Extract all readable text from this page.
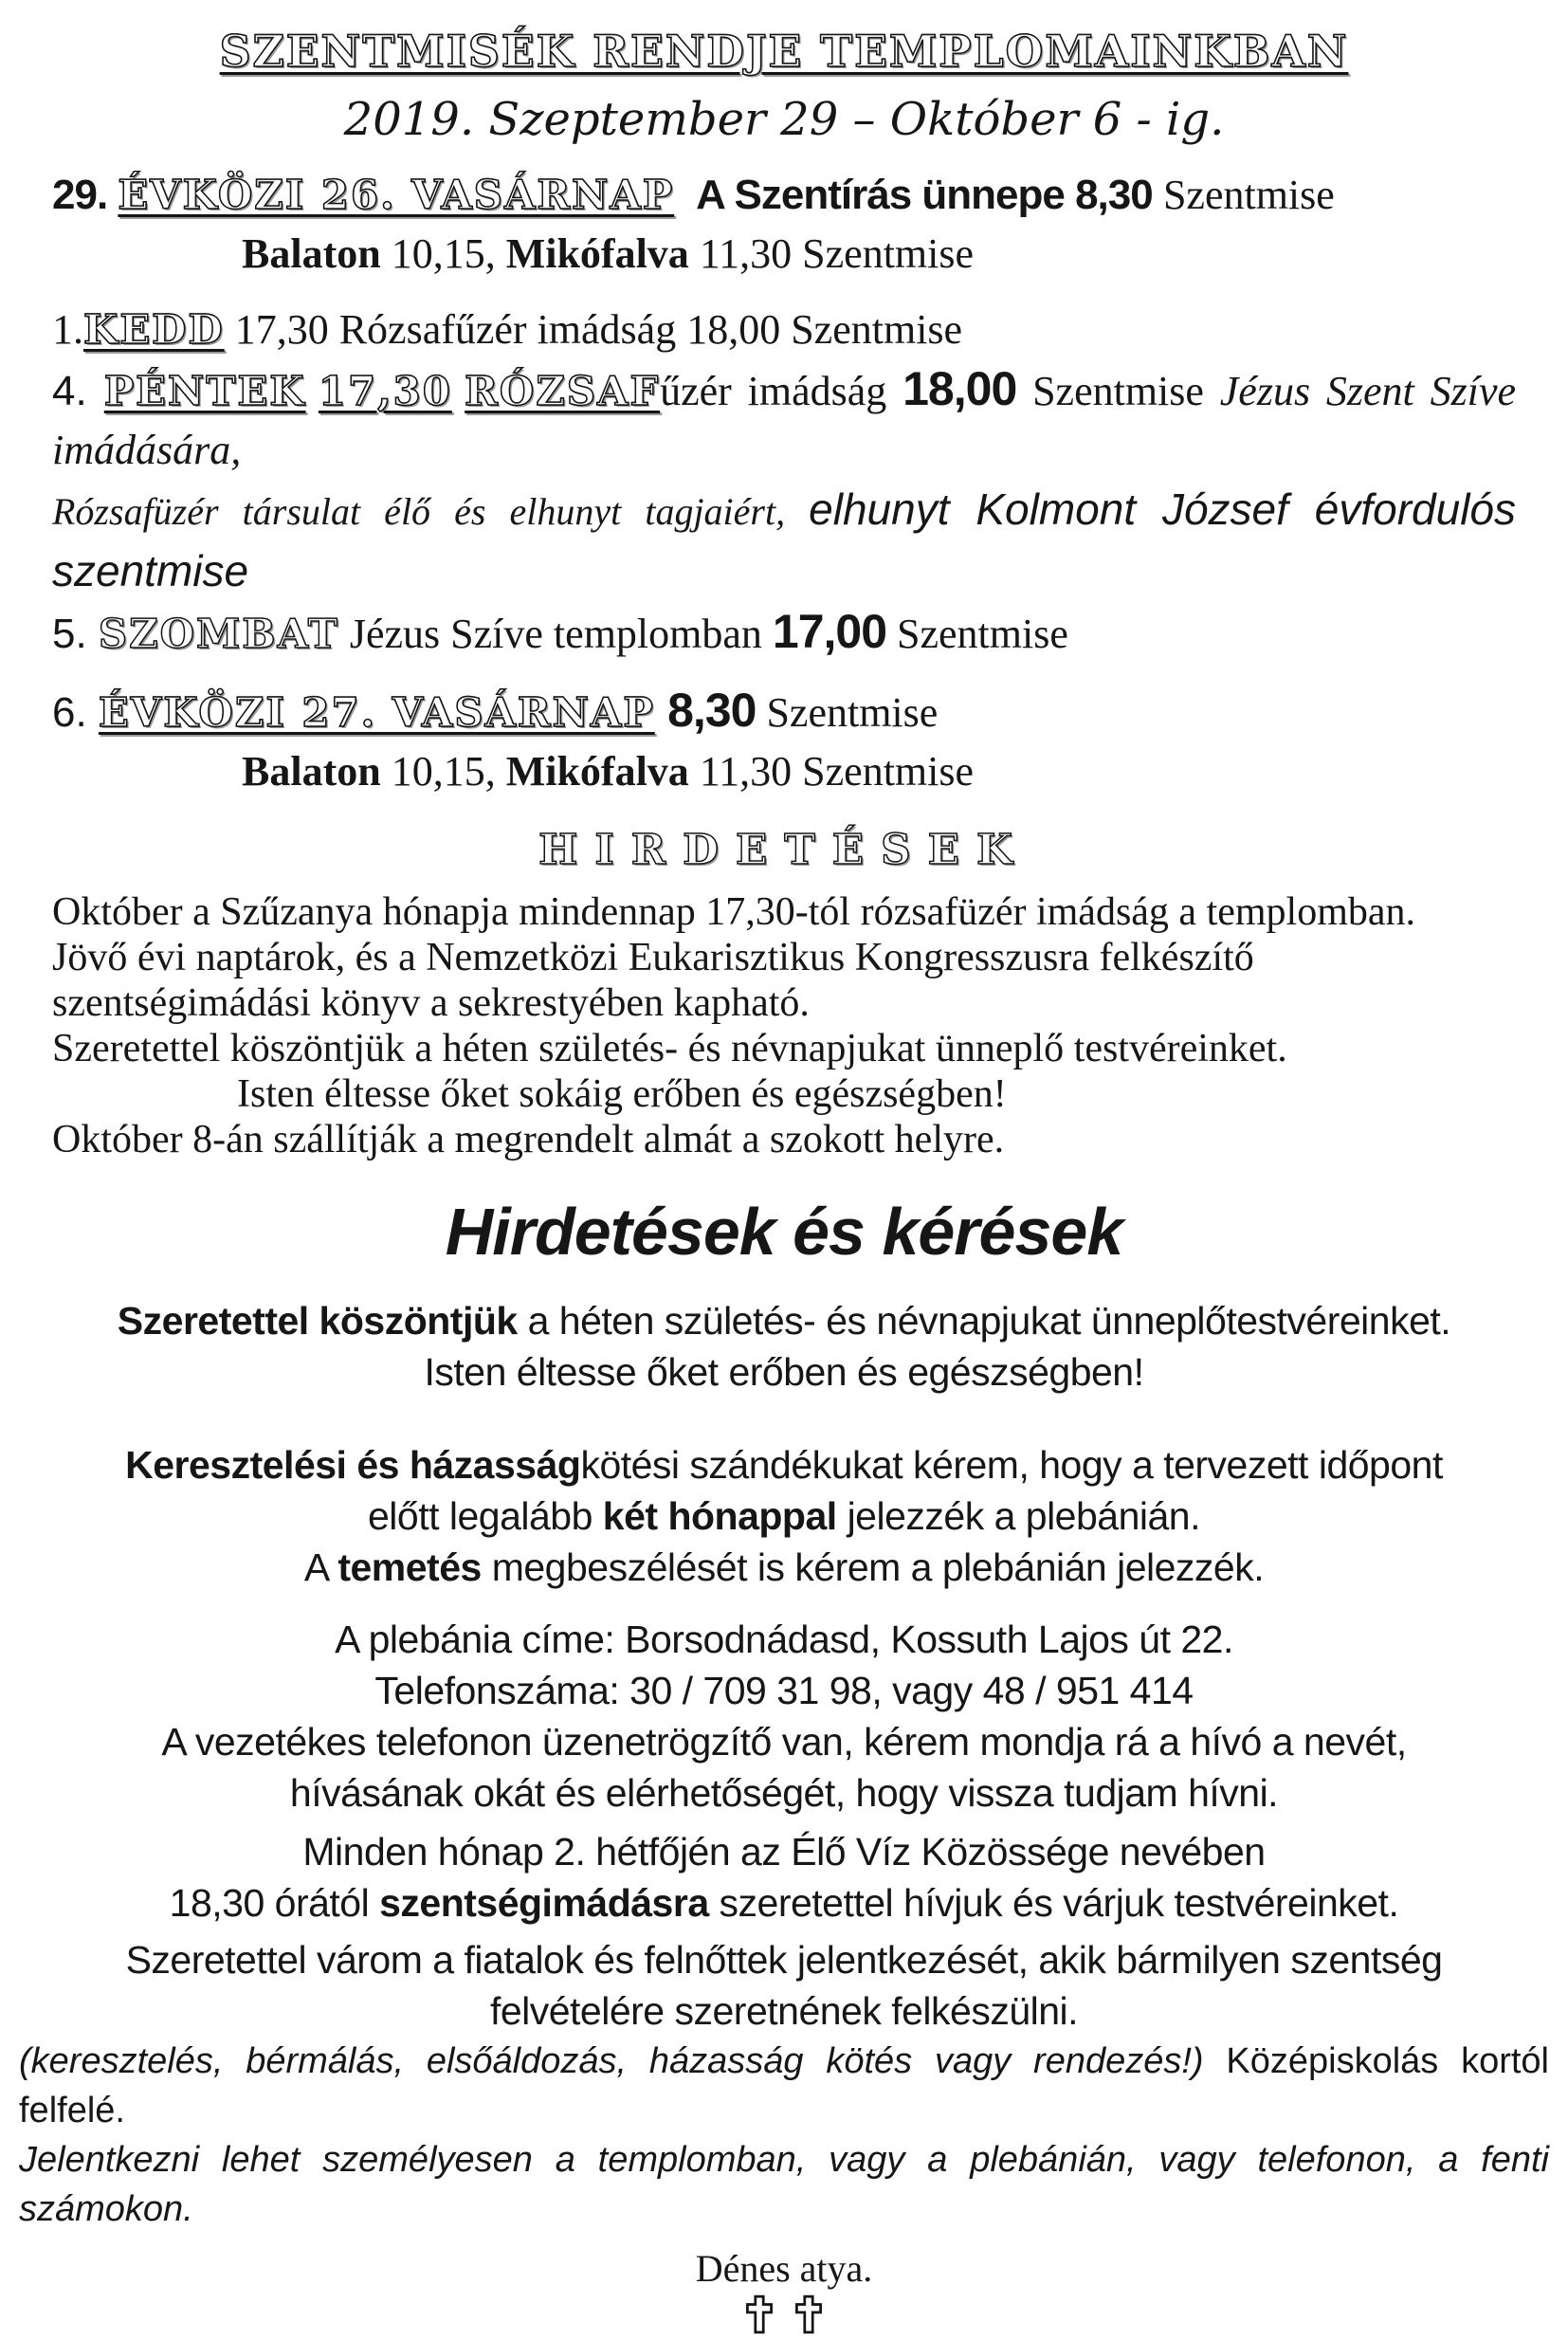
SZENTMISÉK RENDJE TEMPLOMAINKBAN
2019. Szeptember 29 – Október 6 - ig.
29. ÉVKÖZI 26. VASÁRNAP A Szentírás ünnepe 8,30 Szentmise
Balaton 10,15, Mikófalva 11,30 Szentmise
1.KEDD 17,30 Rózsafűzér imádság 18,00 Szentmise
4. PÉNTEK 17,30 RÓZSAFűzér imádság 18,00 Szentmise Jézus Szent Szíve
imádására,
Rózsafüzér társulat élő és elhunyt tagjaiért, elhunyt Kolmont József évfordulós
szentmise
5. SZOMBAT Jézus Szíve templomban 17,00 Szentmise
6. ÉVKÖZI 27. VASÁRNAP 8,30 Szentmise
Balaton 10,15, Mikófalva 11,30 Szentmise
HIRDETÉSEK
Október a Szűzanya hónapja mindennap 17,30-tól rózsafüzér imádság a templomban.
Jövő évi naptárok, és a Nemzetközi Eukarisztikus Kongresszusra felkészítő
szentségimádási könyv a sekrestyében kapható.
Szeretettel köszöntjük a héten születés- és névnapjukat ünneplő testvéreinket.
Isten éltesse őket sokáig erőben és egészségben!
Október 8-án szállítják a megrendelt almát a szokott helyre.
Hirdetések és kérések
Szeretettel köszöntjük a héten születés- és névnapjukat ünneplőtestvéreinket.
Isten éltesse őket erőben és egészségben!
Keresztelési és házasságkötési szándékukat kérem, hogy a tervezett időpont
előtt legalább két hónappal jelezzék a plebánián.
A temetés megbeszélését is kérem a plebánián jelezzék.
A plebánia címe: Borsodnádasd, Kossuth Lajos út 22.
Telefonszáma: 30 / 709 31 98, vagy 48 / 951 414
A vezetékes telefonon üzenetrögzítő van, kérem mondja rá a hívó a nevét,
hívásának okát és elérhetőségét, hogy vissza tudjam hívni.
Minden hónap 2. hétfőjén az Élő Víz Közössége nevében
18,30 órától szentségimádásra szeretettel hívjuk és várjuk testvéreinket.
Szeretettel várom a fiatalok és felnőttek jelentkezését, akik bármilyen szentség
felvételére szeretnének felkészülni.
(keresztelés, bérmálás, elsőáldozás, házasság kötés vagy rendezés!) Középiskolás kortól felfelé.
Jelentkezni lehet személyesen a templomban, vagy a plebánián, vagy telefonon, a fenti számokon.
Dénes atya.
